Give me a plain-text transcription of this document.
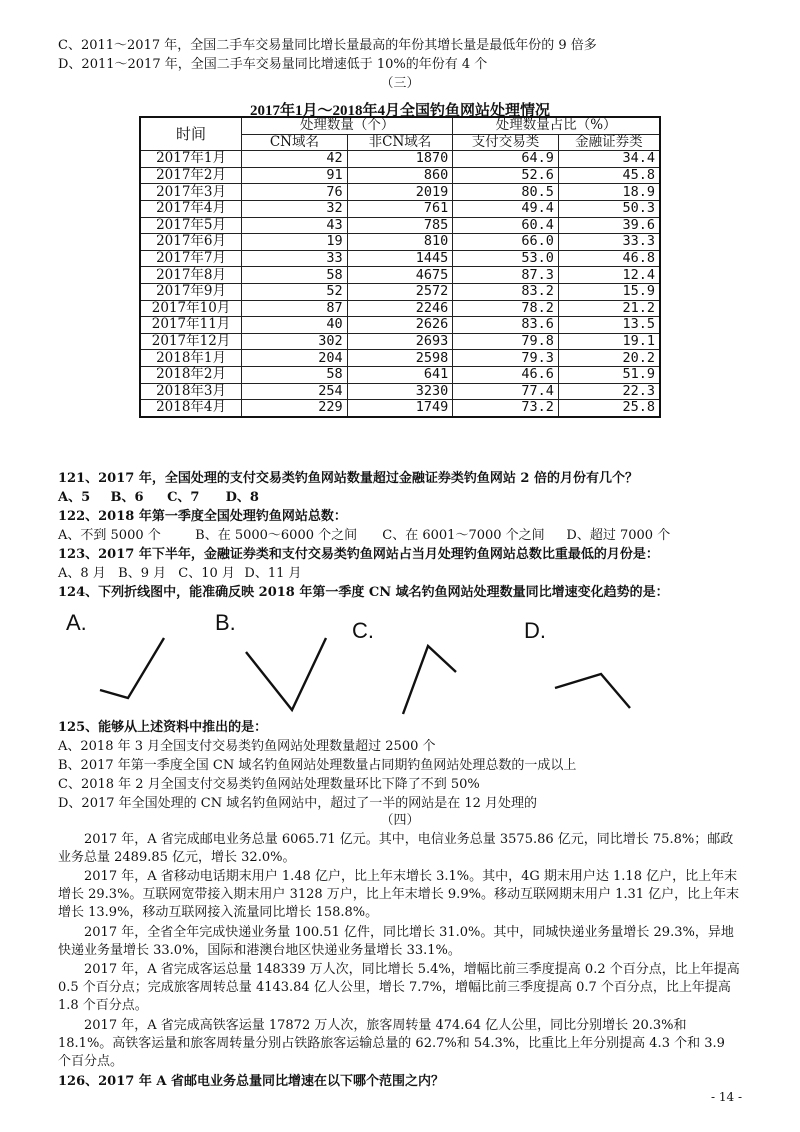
C、2011～2017 年，全国二手车交易量同比增长量最高的年份其增长量是最低年份的 9 倍多
D、2011～2017 年，全国二手车交易量同比增速低于 10%的年份有 4 个
（三）
2017年1月～2018年4月全国钓鱼网站处理情况
时间	处理数量（个）		处理数量占比（%）	
	CN域名	非CN域名	支付交易类	金融证券类
2017年1月	42	1870	64.9	34.4
2017年2月	91	860	52.6	45.8
2017年3月	76	2019	80.5	18.9
2017年4月	32	761	49.4	50.3
2017年5月	43	785	60.4	39.6
2017年6月	19	810	66.0	33.3
2017年7月	33	1445	53.0	46.8
2017年8月	58	4675	87.3	12.4
2017年9月	52	2572	83.2	15.9
2017年10月	87	2246	78.2	21.2
2017年11月	40	2626	83.6	13.5
2017年12月	302	2693	79.8	19.1
2018年1月	204	2598	79.3	20.2
2018年2月	58	641	46.6	51.9
2018年3月	254	3230	77.4	22.3
2018年4月	229	1749	73.2	25.8
121、2017 年，全国处理的支付交易类钓鱼网站数量超过金融证券类钓鱼网站 2 倍的月份有几个？
A、5 B、6 C、7 D、8
122、2018 年第一季度全国处理钓鱼网站总数：
A、不到 5000 个	B、在 5000～6000 个之间 C、在 6001～7000 个之间 D、超过 7000 个
123、2017 年下半年，金融证券类和支付交易类钓鱼网站占当月处理钓鱼网站总数比重最低的月份是：
A、8 月 B、9 月 C、10 月 D、11 月
124、下列折线图中，能准确反映 2018 年第一季度 CN 域名钓鱼网站处理数量同比增速变化趋势的是：
A.	B.	C.	D.
125、能够从上述资料中推出的是：
A、2018 年 3 月全国支付交易类钓鱼网站处理数量超过 2500 个
B、2017 年第一季度全国 CN 域名钓鱼网站处理数量占同期钓鱼网站处理总数的一成以上
C、2018 年 2 月全国支付交易类钓鱼网站处理数量环比下降了不到 50%
D、2017 年全国处理的 CN 域名钓鱼网站中，超过了一半的网站是在 12 月处理的
（四）
2017 年，A 省完成邮电业务总量 6065.71 亿元。其中，电信业务总量 3575.86 亿元，同比增长 75.8%；邮政业务总量 2489.85 亿元，增长 32.0%。
2017 年，A 省移动电话期末用户 1.48 亿户，比上年末增长 3.1%。其中，4G 期末用户达 1.18 亿户，比上年末增长 29.3%。互联网宽带接入期末用户 3128 万户，比上年末增长 9.9%。移动互联网期末用户 1.31 亿户，比上年末增长 13.9%，移动互联网接入流量同比增长 158.8%。
2017 年，全省全年完成快递业务量 100.51 亿件，同比增长 31.0%。其中，同城快递业务量增长 29.3%，异地快递业务量增长 33.0%，国际和港澳台地区快递业务量增长 33.1%。
2017 年，A 省完成客运总量 148339 万人次，同比增长 5.4%，增幅比前三季度提高 0.2 个百分点，比上年提高 0.5 个百分点；完成旅客周转总量 4143.84 亿人公里，增长 7.7%，增幅比前三季度提高 0.7 个百分点，比上年提高 1.8 个百分点。
2017 年，A 省完成高铁客运量 17872 万人次，旅客周转量 474.64 亿人公里，同比分别增长 20.3%和 18.1%。高铁客运量和旅客周转量分别占铁路旅客运输总量的 62.7%和 54.3%，比重比上年分别提高 4.3 个和 3.9 个百分点。
126、2017 年 A 省邮电业务总量同比增速在以下哪个范围之内？
- 14 -
